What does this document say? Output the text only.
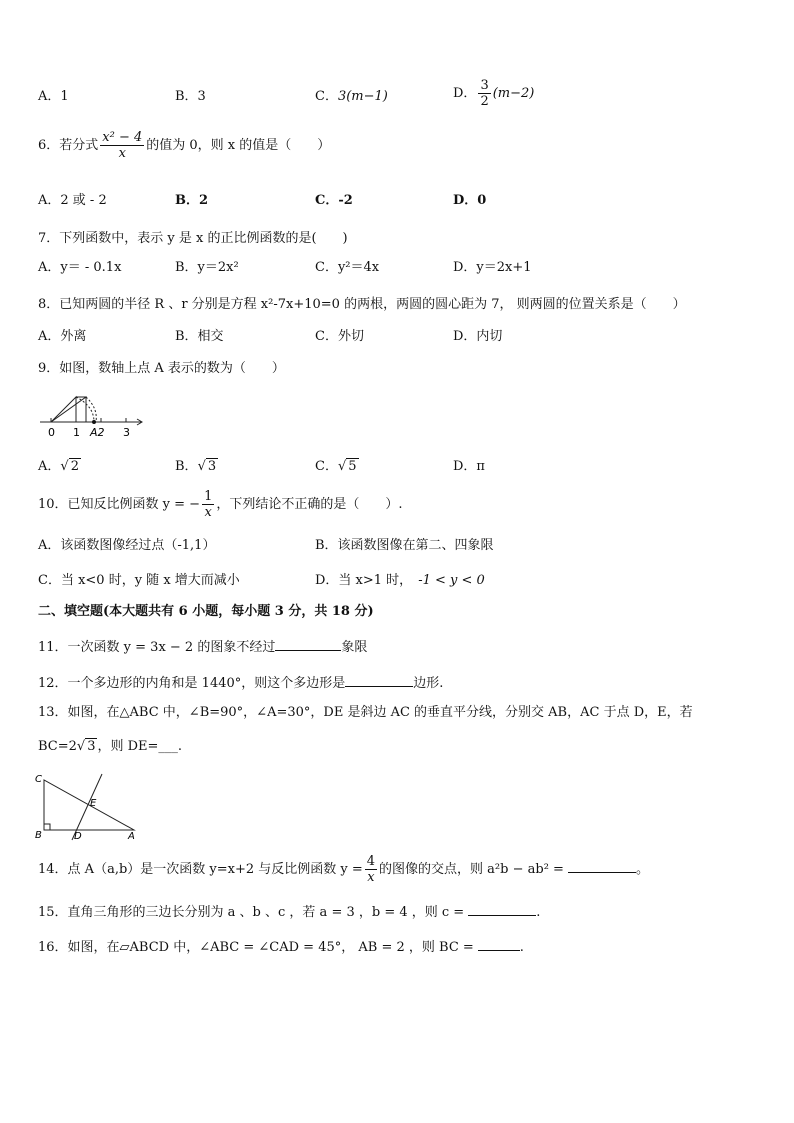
A．1	B．3	C．3(m−1)	D． $\frac{3}{2} (m-2)$
6．若分式 $\frac{\text{x² − 4}}{x}$ 的值为 0，则 x 的值是（　　）
A．2 或 - 2	B．2	C．-2	D．0
7．下列函数中，表示 y 是 x 的正比例函数的是(　　)
A．y＝ - 0.1x	B．y＝2x²	C．y²＝4x	D．y＝2x+1
8．已知两圆的半径 R 、r 分别是方程 x²-7x+10=0 的两根，两圆的圆心距为 7， 则两圆的位置关系是（　　）
A．外离	B．相交	C．外切	D．内切
9．如图，数轴上点 A 表示的数为（　　）
0 1 A2 3
A．√ 2	B．√ 3	C．√ 5	D．π
10．已知反比例函数 y = − $\frac{1}{x}$ ，下列结论不正确的是（　　）.
A．该函数图像经过点（-1,1）	B．该函数图像在第二、四象限
C．当 x<0 时，y 随 x 增大而减小	D．当 x>1 时， -1 < y < 0
二、填空题(本大题共有 6 小题，每小题 3 分，共 18 分)
11．一次函数 y = 3x − 2 的图象不经过	象限
12．一个多边形的内角和是 1440°，则这个多边形是	边形.
13．如图，在△ABC 中，∠B=90°，∠A=30°，DE 是斜边 AC 的垂直平分线，分别交 AB，AC 于点 D，E，若
BC=2√ 3 ，则 DE=___.
C
E
B	D	A
14．点 A（a,b）是一次函数 y=x+2 与反比例函数 $y = \frac{4}{x}$ 的图像的交点，则 a²b − ab² =	。
15．直角三角形的三边长分别为 a 、b 、c ，若 a = 3 ，b = 4 ，则 c =	.
16．如图，在▱ABCD 中，∠ABC = ∠CAD = 45°， AB = 2 ，则 BC =	.
